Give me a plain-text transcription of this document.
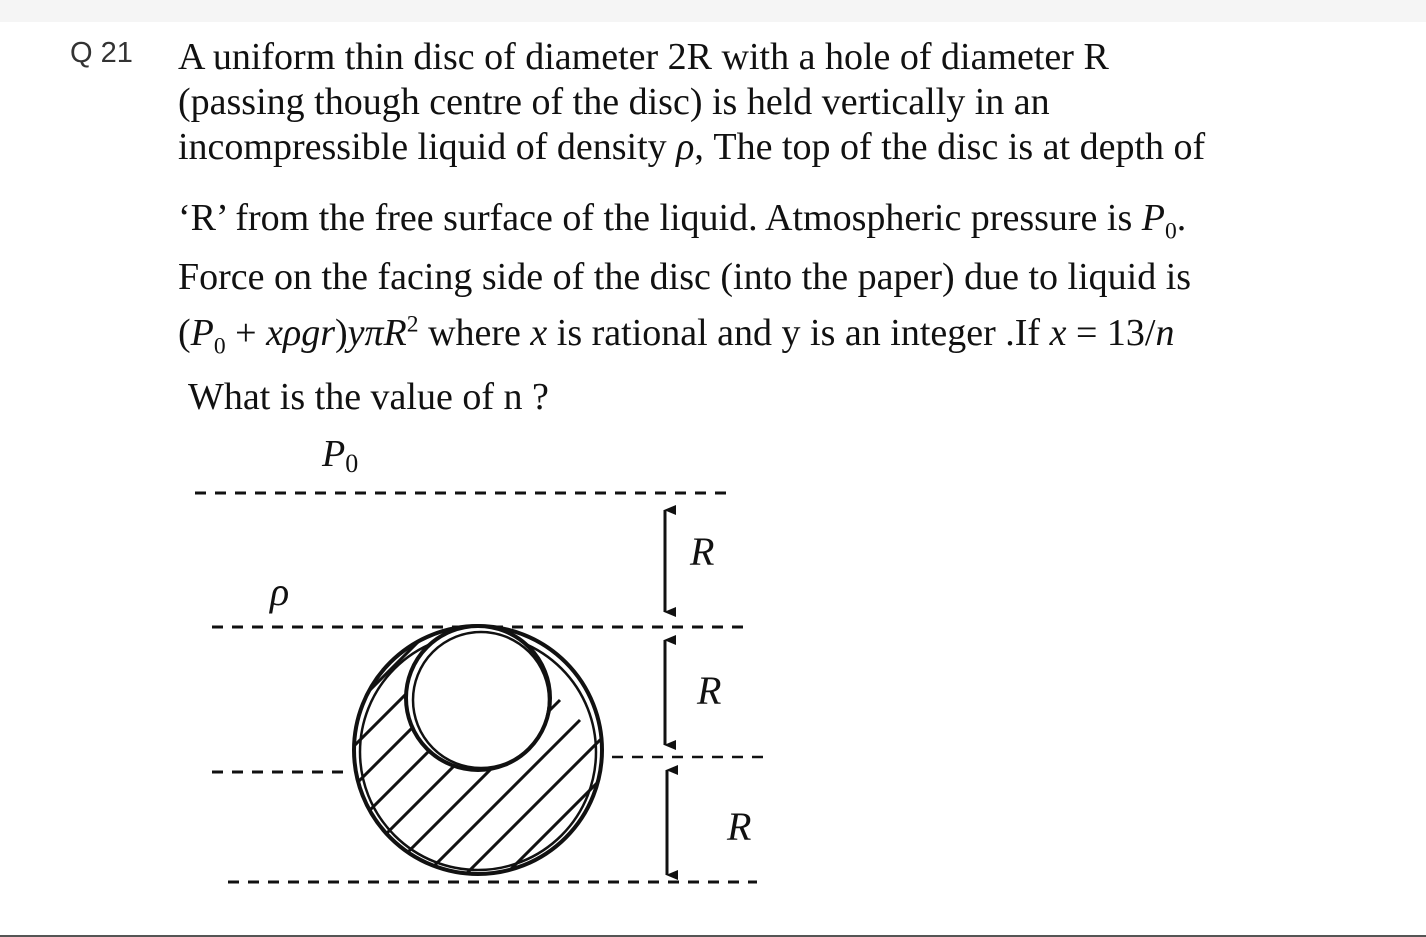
Q 21 A uniform thin disc of diameter 2R with a hole of diameter R
(passing though centre of the disc) is held vertically in an
incompressible liquid of density ρ, The top of the disc is at depth of
‘R’ from the free surface of the liquid. Atmospheric pressure is $P_0$.
Force on the facing side of the disc (into the paper) due to liquid is
$(P_0 + x\rho gr)y\pi R^2$ where x is rational and y is an integer .If x = 13/n
What is the value of n ?
P0
ρ
R
R
R
